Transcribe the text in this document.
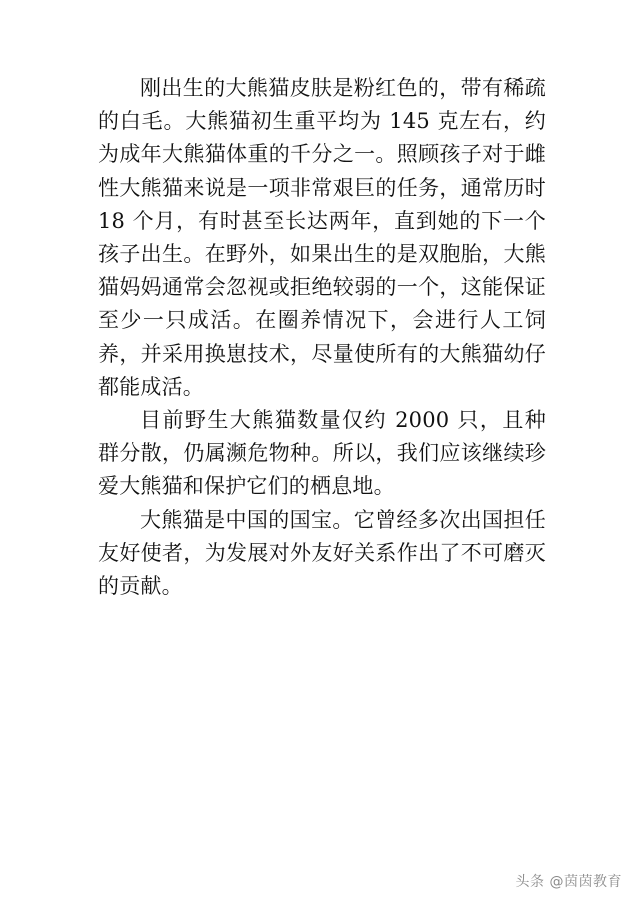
刚出生的大熊猫皮肤是粉红色的，带有稀疏的白毛。大熊猫初生重平均为 145 克左右，约为成年大熊猫体重的千分之一。照顾孩子对于雌性大熊猫来说是一项非常艰巨的任务，通常历时 18 个月，有时甚至长达两年，直到她的下一个孩子出生。在野外，如果出生的是双胞胎，大熊猫妈妈通常会忽视或拒绝较弱的一个，这能保证至少一只成活。在圈养情况下，会进行人工饲养，并采用换崽技术，尽量使所有的大熊猫幼仔都能成活。

目前野生大熊猫数量仅约 2000 只，且种群分散，仍属濒危物种。所以，我们应该继续珍爱大熊猫和保护它们的栖息地。

大熊猫是中国的国宝。它曾经多次出国担任友好使者，为发展对外友好关系作出了不可磨灭的贡献。

头条 @茵茵教育
